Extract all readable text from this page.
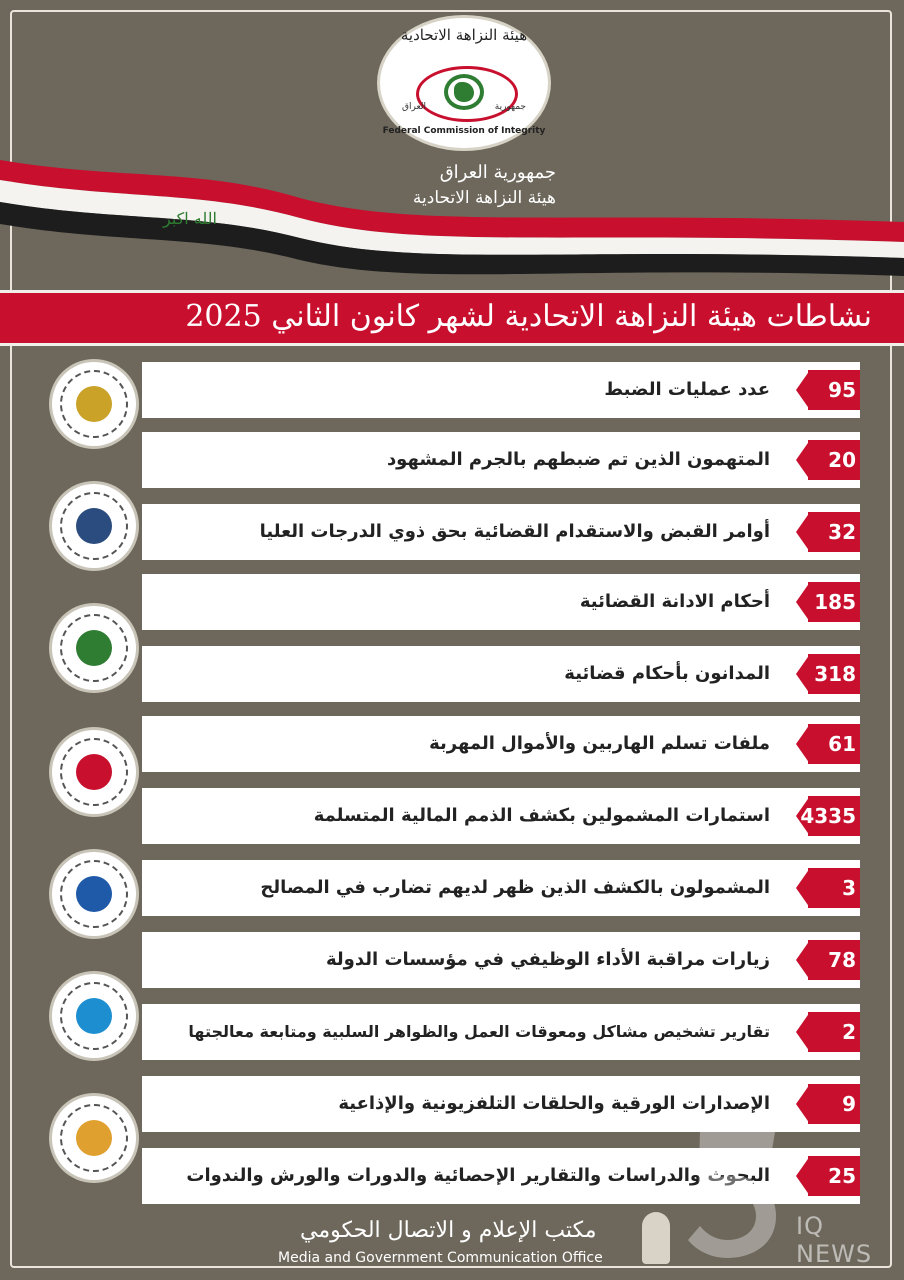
هيئة النزاهة الاتحادية
العراق	جمهورية
Federal Commission of Integrity
جمهورية العراق
هيئة النزاهة الاتحادية
الله اكبر
نشاطات هيئة النزاهة الاتحادية لشهر كانون الثاني 2025
عدد عمليات الضبط	95
المتهمون الذين تم ضبطهم بالجرم المشهود	20
أوامر القبض والاستقدام القضائية بحق ذوي الدرجات العليا	32
أحكام الادانة القضائية 185
المدانون بأحكام قضائية 318
ملفات تسلم الهاربين والأموال المهربة	61
استمارات المشمولين بكشف الذمم المالية المتسلمة 4335
المشمولون بالكشف الذين ظهر لديهم تضارب في المصالح	3
زيارات مراقبة الأداء الوظيفي في مؤسسات الدولة	78
تقارير تشخيص مشاكل ومعوقات العمل والظواهر السلبية ومتابعة معالجتها	2
الإصدارات الورقية والحلقات التلفزيونية والإذاعية	9
البحوث والدراسات والتقارير الإحصائية والدورات والورش والندوات	25
مكتب الإعلام و الاتصال الحكومي
Media and Government Communication Office
IQ NEWS
